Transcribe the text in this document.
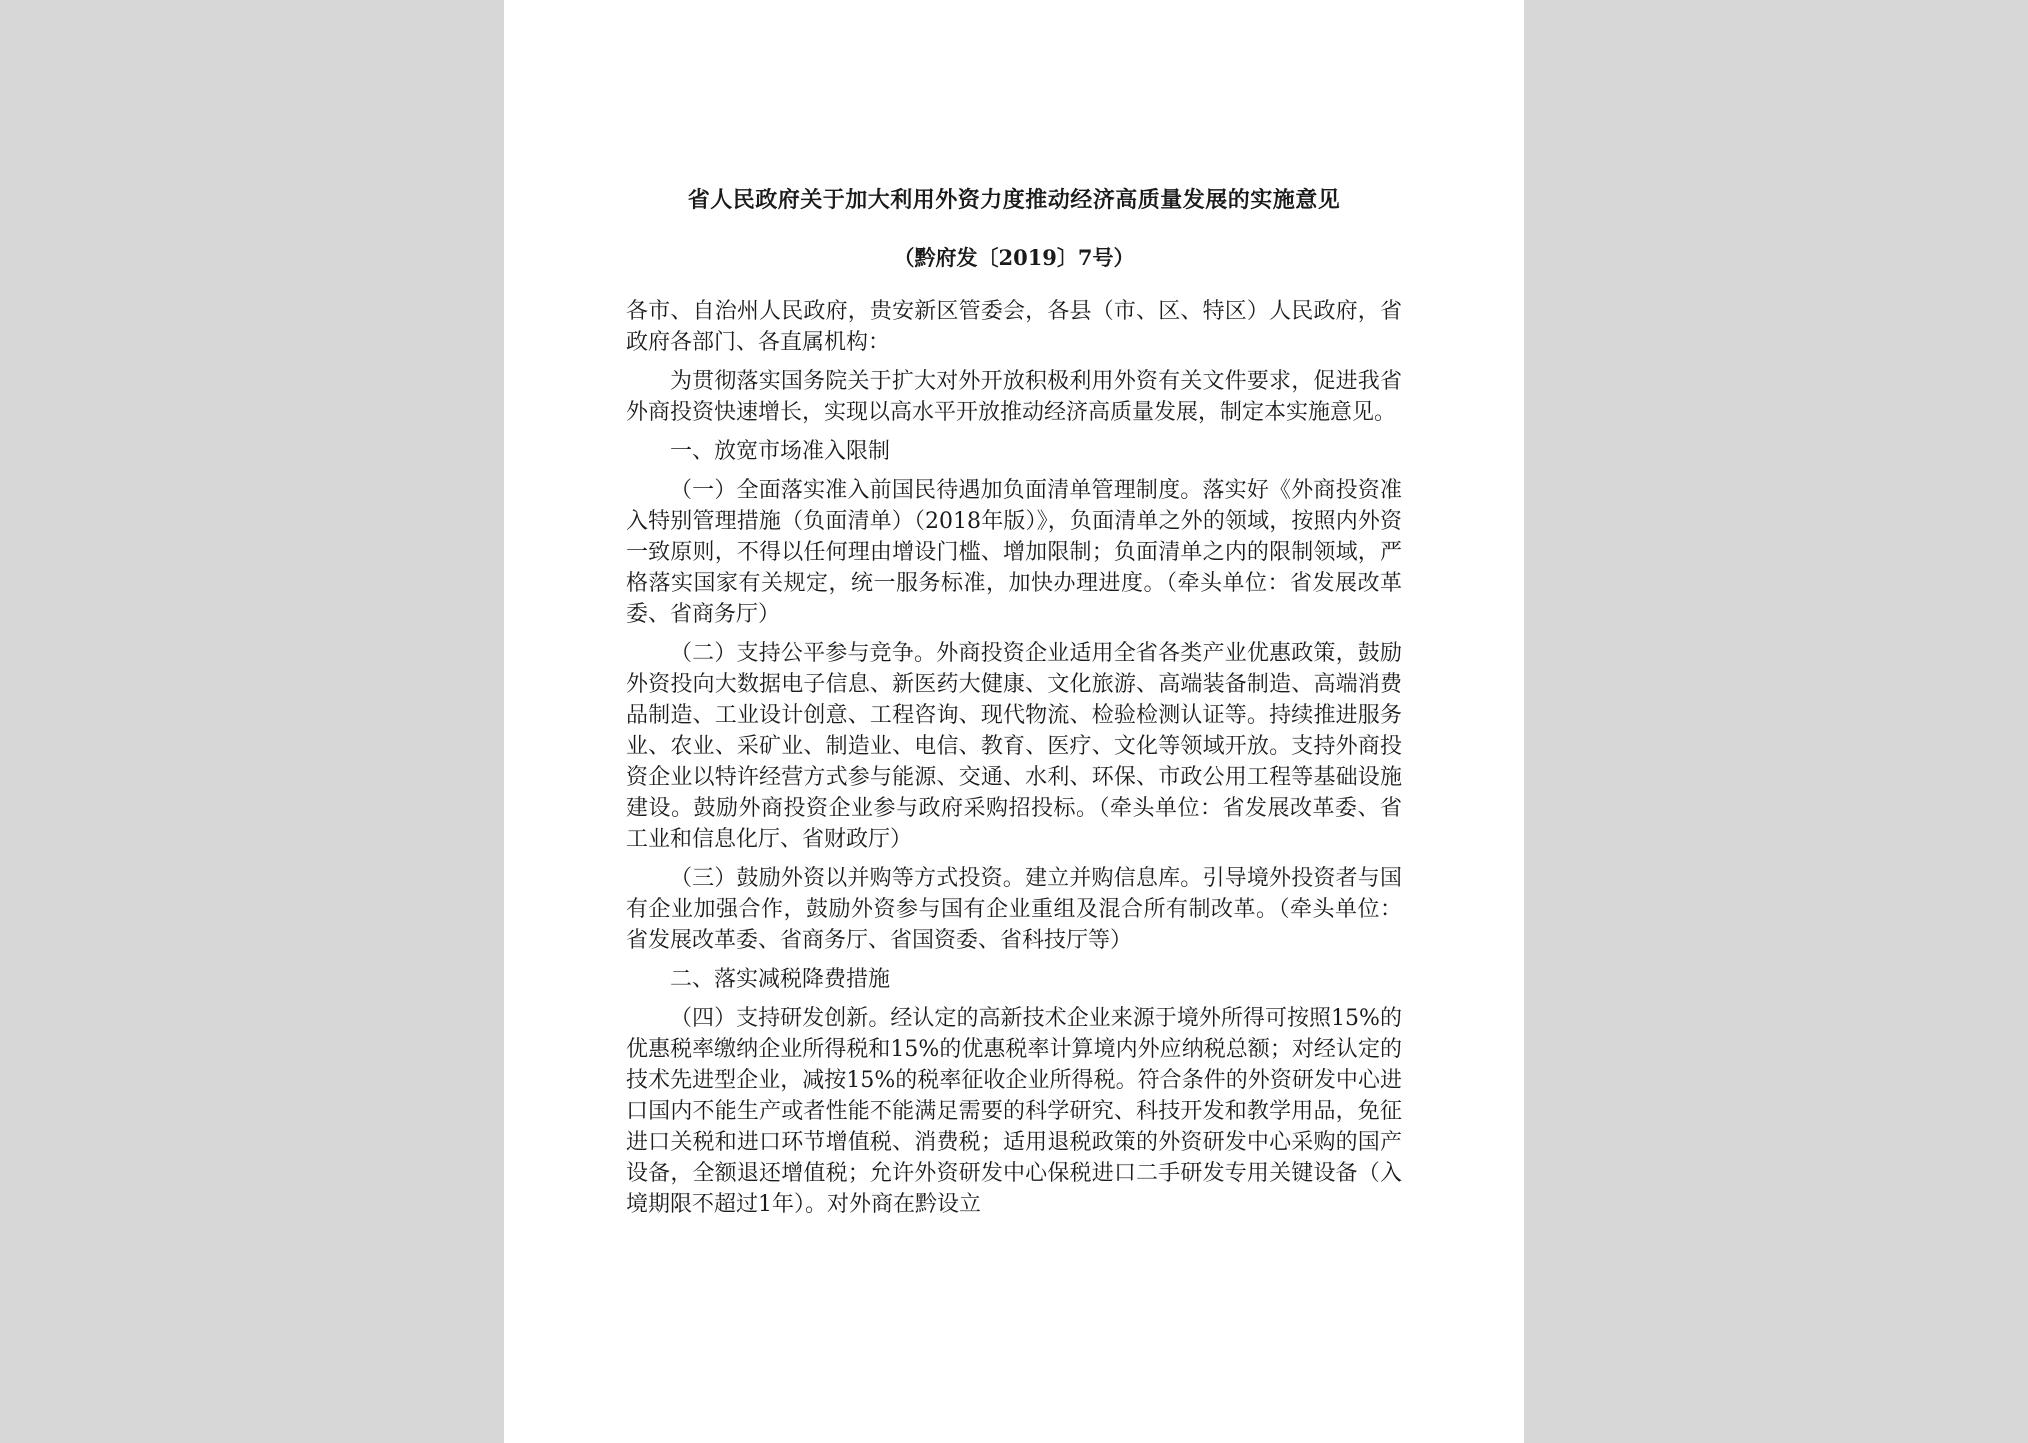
省人民政府关于加大利用外资力度推动经济高质量发展的实施意见

（黔府发〔2019〕7号）

各市、自治州人民政府，贵安新区管委会，各县（市、区、特区）人民政府，省政府各部门、各直属机构：

为贯彻落实国务院关于扩大对外开放积极利用外资有关文件要求，促进我省外商投资快速增长，实现以高水平开放推动经济高质量发展，制定本实施意见。

一、放宽市场准入限制

（一）全面落实准入前国民待遇加负面清单管理制度。落实好《外商投资准入特别管理措施（负面清单）（2018年版）》，负面清单之外的领域，按照内外资一致原则，不得以任何理由增设门槛、增加限制；负面清单之内的限制领域，严格落实国家有关规定，统一服务标准，加快办理进度。（牵头单位：省发展改革委、省商务厅）

（二）支持公平参与竞争。外商投资企业适用全省各类产业优惠政策，鼓励外资投向大数据电子信息、新医药大健康、文化旅游、高端装备制造、高端消费品制造、工业设计创意、工程咨询、现代物流、检验检测认证等。持续推进服务业、农业、采矿业、制造业、电信、教育、医疗、文化等领域开放。支持外商投资企业以特许经营方式参与能源、交通、水利、环保、市政公用工程等基础设施建设。鼓励外商投资企业参与政府采购招投标。（牵头单位：省发展改革委、省工业和信息化厅、省财政厅）

（三）鼓励外资以并购等方式投资。建立并购信息库。引导境外投资者与国有企业加强合作，鼓励外资参与国有企业重组及混合所有制改革。（牵头单位：省发展改革委、省商务厅、省国资委、省科技厅等）

二、落实减税降费措施

（四）支持研发创新。经认定的高新技术企业来源于境外所得可按照15%的优惠税率缴纳企业所得税和15%的优惠税率计算境内外应纳税总额；对经认定的技术先进型企业，减按15%的税率征收企业所得税。符合条件的外资研发中心进口国内不能生产或者性能不能满足需要的科学研究、科技开发和教学用品，免征进口关税和进口环节增值税、消费税；适用退税政策的外资研发中心采购的国产设备，全额退还增值税；允许外资研发中心保税进口二手研发专用关键设备（入境期限不超过1年）。对外商在黔设立
